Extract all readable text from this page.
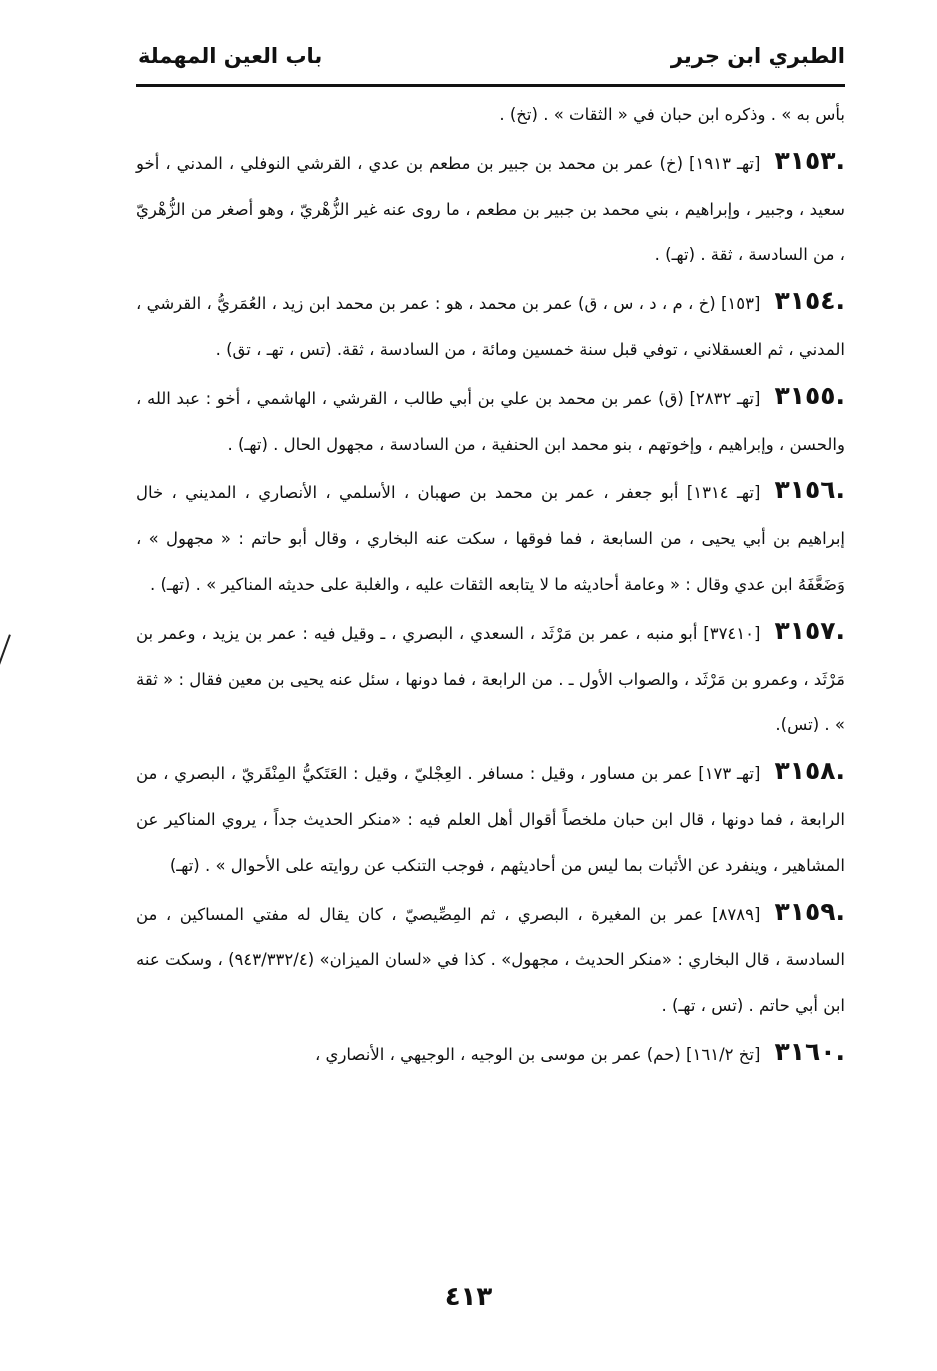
الطبري ابن جرير
باب العين المهملة

بأس به » . وذكره ابن حبان في « الثقات » . (تخ) .

.٣١٥٣[تهـ ١٩١٣] (خ) عمر بن محمد بن جبير بن مطعم بن عدي ، القرشي النوفلي ، المدني ، أخو سعيد ، وجبير ، وإبراهيم ، بني محمد بن جبير بن مطعم ، ما روى عنه غير الزُّهْريّ ، وهو أصغر من الزُّهْريّ ، من السادسة ، ثقة . (تهـ) .

.٣١٥٤[١٥٣] (خ ، م ، د ، س ، ق) عمر بن محمد ، هو : عمر بن محمد ابن زيد ، العُمَريُّ ، القرشي ، المدني ، ثم العسقلاني ، توفي قبل سنة خمسين ومائة ، من السادسة ، ثقة. (تس ، تهـ ، تق) .

.٣١٥٥[تهـ ٢٨٣٢] (ق) عمر بن محمد بن علي بن أبي طالب ، القرشي ، الهاشمي ، أخو : عبد الله ، والحسن ، وإبراهيم ، وإخوتهم ، بنو محمد ابن الحنفية ، من السادسة ، مجهول الحال . (تهـ) .

.٣١٥٦[تهـ ١٣١٤] أبو جعفر ، عمر بن محمد بن صهبان ، الأسلمي ، الأنصاري ، المديني ، خال إبراهيم بن أبي يحيى ، من السابعة ، فما فوقها ، سكت عنه البخاري ، وقال أبو حاتم : « مجهول » ، وَضَعَّفَهُ ابن عدي وقال : « وعامة أحاديثه ما لا يتابعه الثقات عليه ، والغلبة على حديثه المناكير » . (تهـ) .

.٣١٥٧[٣٧٤١٠] أبو منبه ، عمر بن مَرْثَد ، السعدي ، البصري ، ـ وقيل فيه : عمر بن يزيد ، وعمر بن مَرْثَد ، وعمرو بن مَرْثَد ، والصواب الأول ـ . من الرابعة ، فما دونها ، سئل عنه يحيى بن معين فقال : « ثقة » . (تس).

.٣١٥٨[تهـ ١٧٣] عمر بن مساور ، وقيل : مسافر . العِجْليّ ، وقيل : العَتَكيُّ المِنْقَريّ ، البصري ، من الرابعة ، فما دونها ، قال ابن حبان ملخصاً أقوال أهل العلم فيه : «منكر الحديث جداً ، يروي المناكير عن المشاهير ، وينفرد عن الأثبات بما ليس من أحاديثهم ، فوجب التنكب عن روايته على الأحوال » . (تهـ)

.٣١٥٩[٨٧٨٩] عمر بن المغيرة ، البصري ، ثم المِصِّيصيّ ، كان يقال له مفتي المساكين ، من السادسة ، قال البخاري : «منكر الحديث ، مجهول» . كذا في «لسان الميزان» (٩٤٣/٣٣٢/٤) ، وسكت عنه ابن أبي حاتم . (تس ، تهـ) .

.٣١٦٠[تخ ١٦١/٢] (حم) عمر بن موسى بن الوجيه ، الوجيهي ، الأنصاري ،

٤١٣
